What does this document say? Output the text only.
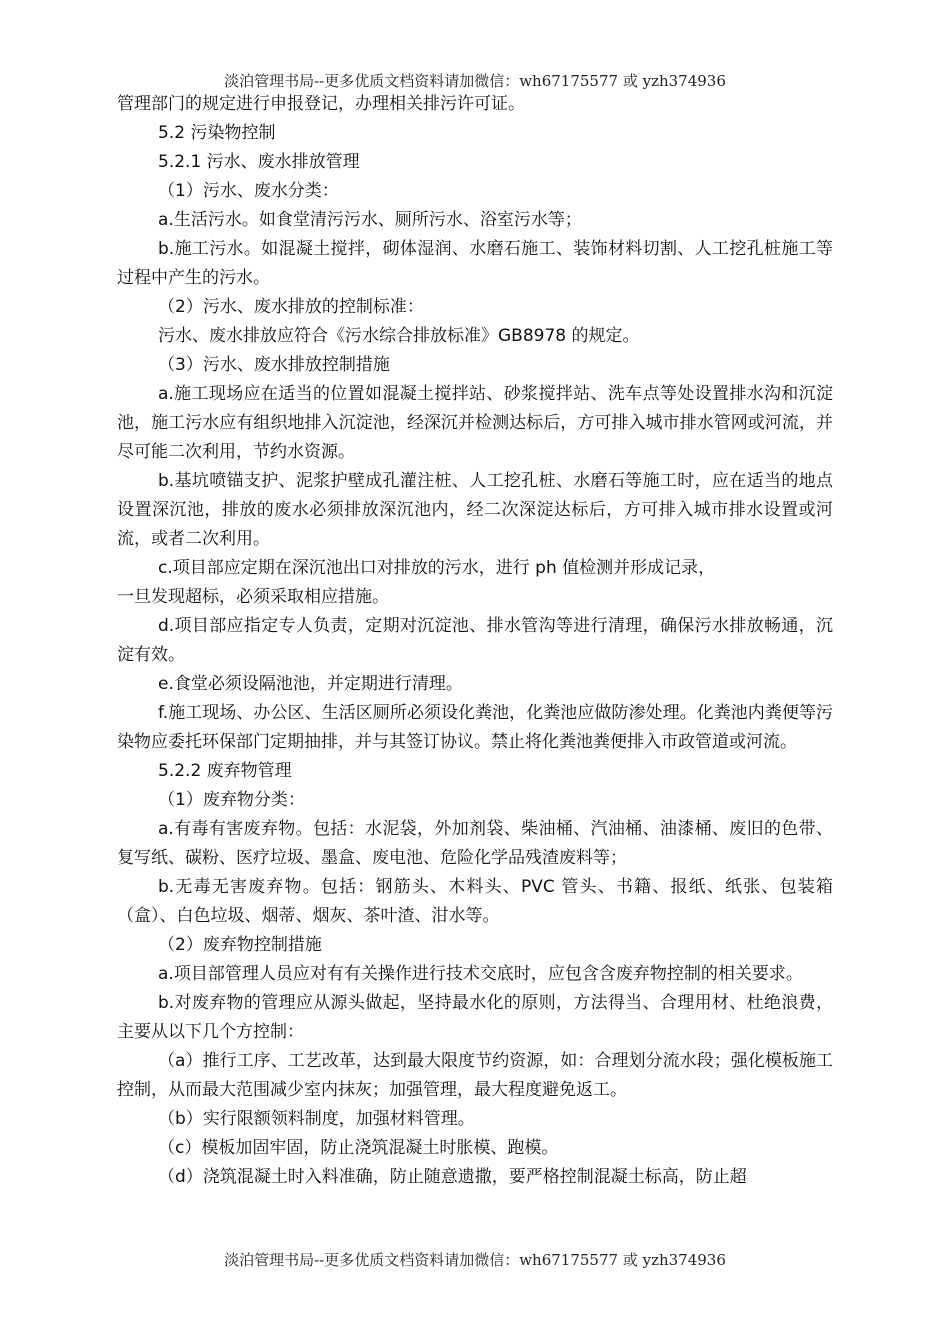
淡泊管理书局--更多优质文档资料请加微信：wh67175577 或 yzh374936

管理部门的规定进行申报登记，办理相关排污许可证。

5.2 污染物控制

5.2.1 污水、废水排放管理

（1）污水、废水分类：

a.生活污水。如食堂清污污水、厕所污水、浴室污水等；

b.施工污水。如混凝土搅拌，砌体湿润、水磨石施工、装饰材料切割、人工挖孔桩施工等过程中产生的污水。

（2）污水、废水排放的控制标准：

污水、废水排放应符合《污水综合排放标准》GB8978 的规定。

（3）污水、废水排放控制措施

a.施工现场应在适当的位置如混凝土搅拌站、砂浆搅拌站、洗车点等处设置排水沟和沉淀池，施工污水应有组织地排入沉淀池，经深沉并检测达标后，方可排入城市排水管网或河流，并尽可能二次利用，节约水资源。

b.基坑喷锚支护、泥浆护壁成孔灌注桩、人工挖孔桩、水磨石等施工时，应在适当的地点设置深沉池，排放的废水必须排放深沉池内，经二次深淀达标后，方可排入城市排水设置或河流，或者二次利用。

c.项目部应定期在深沉池出口对排放的污水，进行 ph 值检测并形成记录，

一旦发现超标，必须采取相应措施。

d.项目部应指定专人负责，定期对沉淀池、排水管沟等进行清理，确保污水排放畅通，沉淀有效。

e.食堂必须设隔池池，并定期进行清理。

f.施工现场、办公区、生活区厕所必须设化粪池，化粪池应做防渗处理。化粪池内粪便等污染物应委托环保部门定期抽排，并与其签订协议。禁止将化粪池粪便排入市政管道或河流。

5.2.2 废弃物管理

（1）废弃物分类：

a.有毒有害废弃物。包括：水泥袋，外加剂袋、柴油桶、汽油桶、油漆桶、废旧的色带、复写纸、碳粉、医疗垃圾、墨盒、废电池、危险化学品残渣废料等；

b.无毒无害废弃物。包括：钢筋头、木料头、PVC 管头、书籍、报纸、纸张、包装箱（盒）、白色垃圾、烟蒂、烟灰、茶叶渣、泔水等。

（2）废弃物控制措施

a.项目部管理人员应对有有关操作进行技术交底时，应包含含废弃物控制的相关要求。

b.对废弃物的管理应从源头做起，坚持最水化的原则，方法得当、合理用材、杜绝浪费，主要从以下几个方控制：

（a）推行工序、工艺改革，达到最大限度节约资源，如：合理划分流水段；强化模板施工控制，从而最大范围减少室内抹灰；加强管理，最大程度避免返工。

（b）实行限额领料制度，加强材料管理。

（c）模板加固牢固，防止浇筑混凝土时胀模、跑模。

（d）浇筑混凝土时入料准确，防止随意遗撒，要严格控制混凝土标高，防止超

淡泊管理书局--更多优质文档资料请加微信：wh67175577 或 yzh374936
